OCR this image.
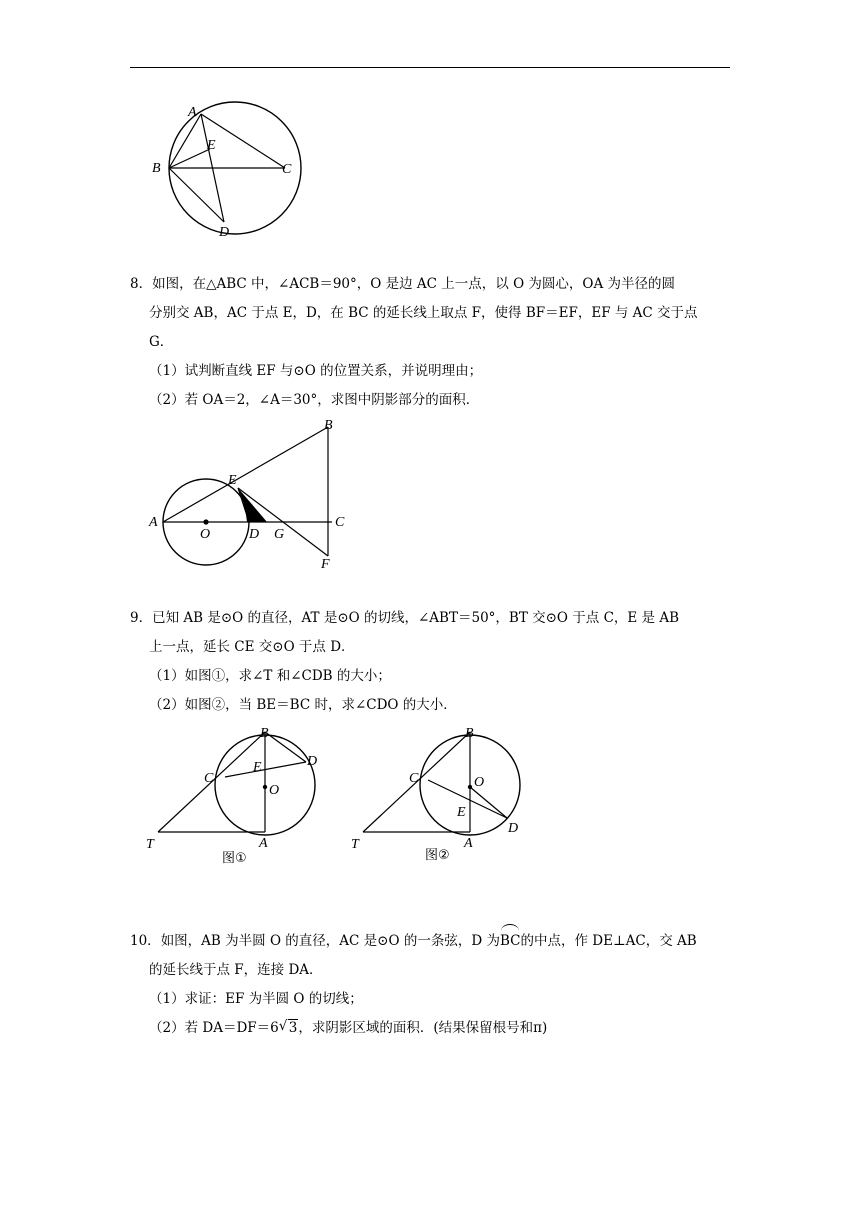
A
E
B	C
D
8．如图，在△ABC 中，∠ACB＝90°，O 是边 AC 上一点，以 O 为圆心，OA 为半径的圆
分别交 AB，AC 于点 E，D，在 BC 的延长线上取点 F，使得 BF＝EF，EF 与 AC 交于点
G．
（1）试判断直线 EF 与⊙O 的位置关系，并说明理由；
（2）若 OA＝2，∠A＝30°，求图中阴影部分的面积．
B
E
A
O	D G
C
F
9．已知 AB 是⊙O 的直径，AT 是⊙O 的切线，∠ABT＝50°，BT 交⊙O 于点 C，E 是 AB
上一点，延长 CE 交⊙O 于点 D．
（1）如图①，求∠T 和∠CDB 的大小；
（2）如图②，当 BE＝BC 时，求∠CDO 的大小．
B
D
C
E
O
T	A
图①
B
C	O
E
D
T	A
图②
10．如图，AB 为半圆 O 的直径，AC 是⊙O 的一条弦，D 为BC的中点，作 DE⊥AC，交 AB
的延长线于点 F，连接 DA．
（1）求证：EF 为半圆 O 的切线；
（2）若 DA＝DF＝6√ 3，求阴影区域的面积．(结果保留根号和π)
